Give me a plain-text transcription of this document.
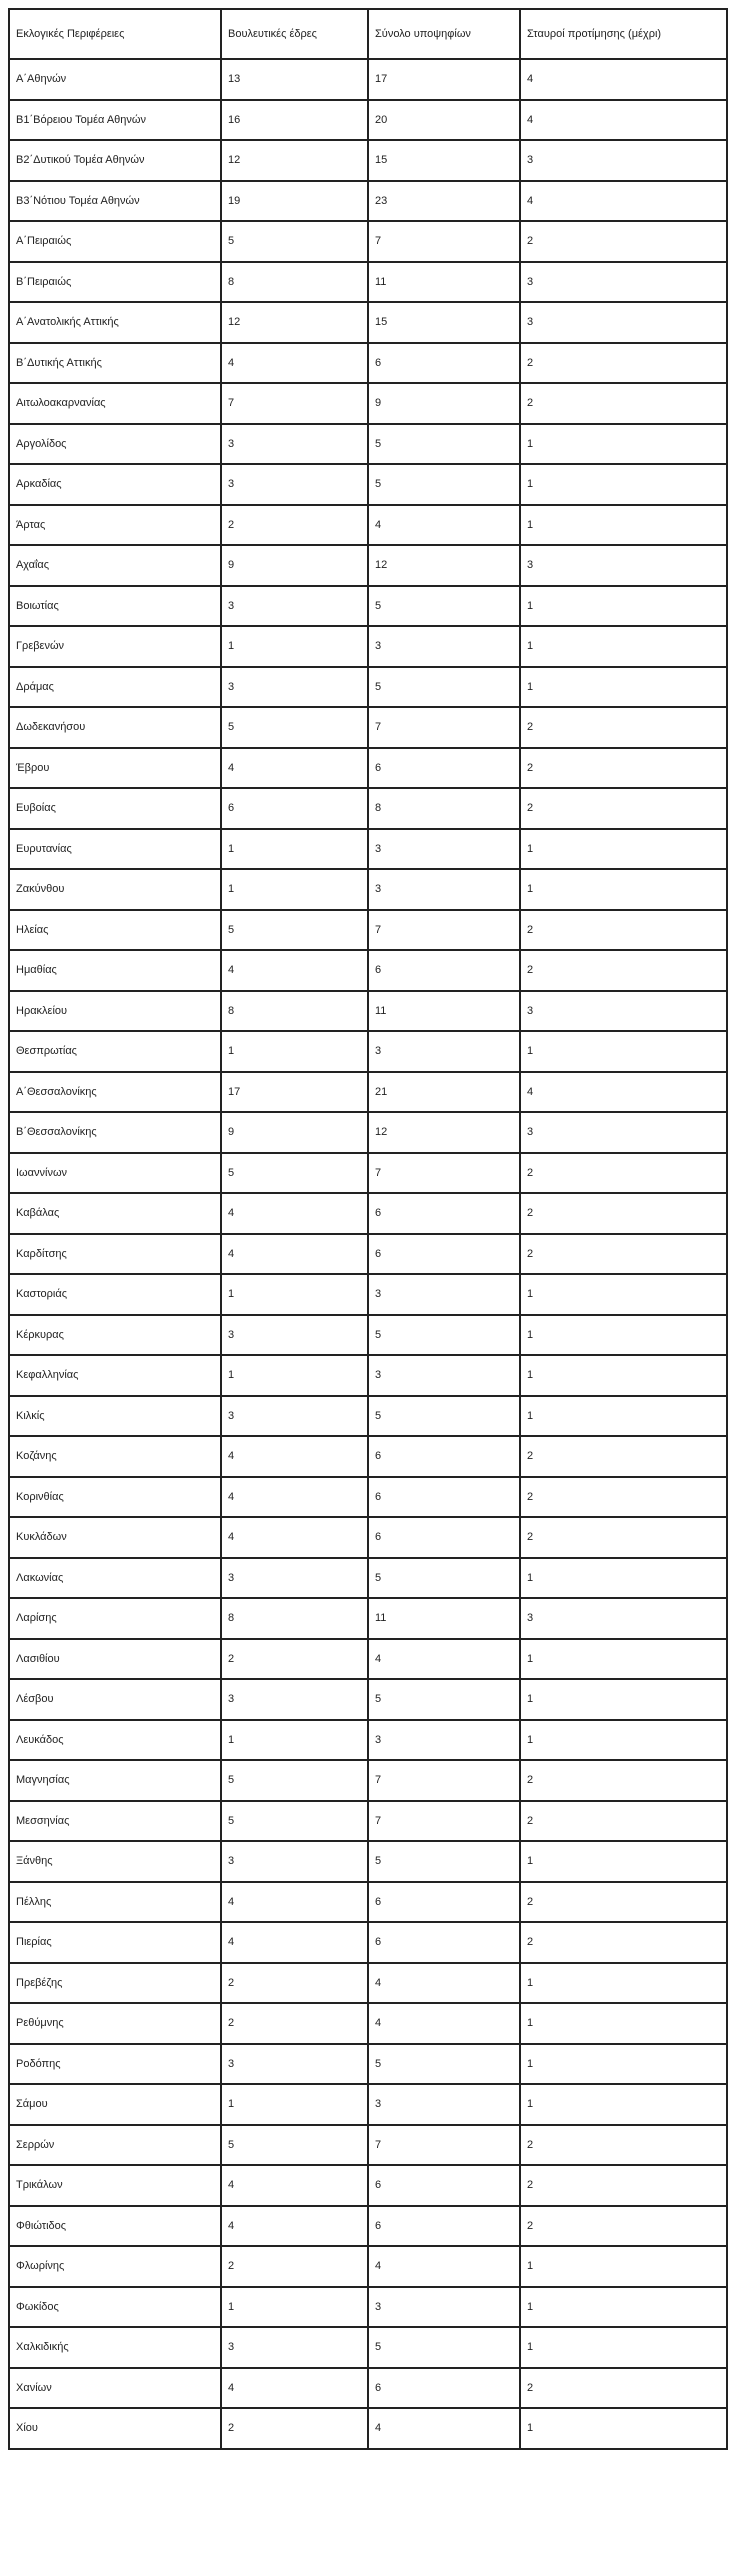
Εκλογικές Περιφέρειες	Βουλευτικές έδρες	Σύνολο υποψηφίων	Σταυροί προτίμησης (μέχρι)
Α΄Αθηνών	13	17	4
Β1΄Βόρειου Τομέα Αθηνών	16	20	4
Β2΄Δυτικού Τομέα Αθηνών	12	15	3
Β3΄Νότιου Τομέα Αθηνών	19	23	4
Α΄Πειραιώς	5	7	2
Β΄Πειραιώς	8	11	3
Α΄Ανατολικής Αττικής	12	15	3
Β΄Δυτικής Αττικής	4	6	2
Αιτωλοακαρνανίας	7	9	2
Αργολίδος	3	5	1
Αρκαδίας	3	5	1
Άρτας	2	4	1
Αχαΐας	9	12	3
Βοιωτίας	3	5	1
Γρεβενών	1	3	1
Δράμας	3	5	1
Δωδεκανήσου	5	7	2
Έβρου	4	6	2
Ευβοίας	6	8	2
Ευρυτανίας	1	3	1
Ζακύνθου	1	3	1
Ηλείας	5	7	2
Ημαθίας	4	6	2
Ηρακλείου	8	11	3
Θεσπρωτίας	1	3	1
Α΄Θεσσαλονίκης	17	21	4
Β΄Θεσσαλονίκης	9	12	3
Ιωαννίνων	5	7	2
Καβάλας	4	6	2
Καρδίτσης	4	6	2
Καστοριάς	1	3	1
Κέρκυρας	3	5	1
Κεφαλληνίας	1	3	1
Κιλκίς	3	5	1
Κοζάνης	4	6	2
Κορινθίας	4	6	2
Κυκλάδων	4	6	2
Λακωνίας	3	5	1
Λαρίσης	8	11	3
Λασιθίου	2	4	1
Λέσβου	3	5	1
Λευκάδος	1	3	1
Μαγνησίας	5	7	2
Μεσσηνίας	5	7	2
Ξάνθης	3	5	1
Πέλλης	4	6	2
Πιερίας	4	6	2
Πρεβέζης	2	4	1
Ρεθύμνης	2	4	1
Ροδόπης	3	5	1
Σάμου	1	3	1
Σερρών	5	7	2
Τρικάλων	4	6	2
Φθιώτιδος	4	6	2
Φλωρίνης	2	4	1
Φωκίδος	1	3	1
Χαλκιδικής	3	5	1
Χανίων	4	6	2
Χίου	2	4	1
